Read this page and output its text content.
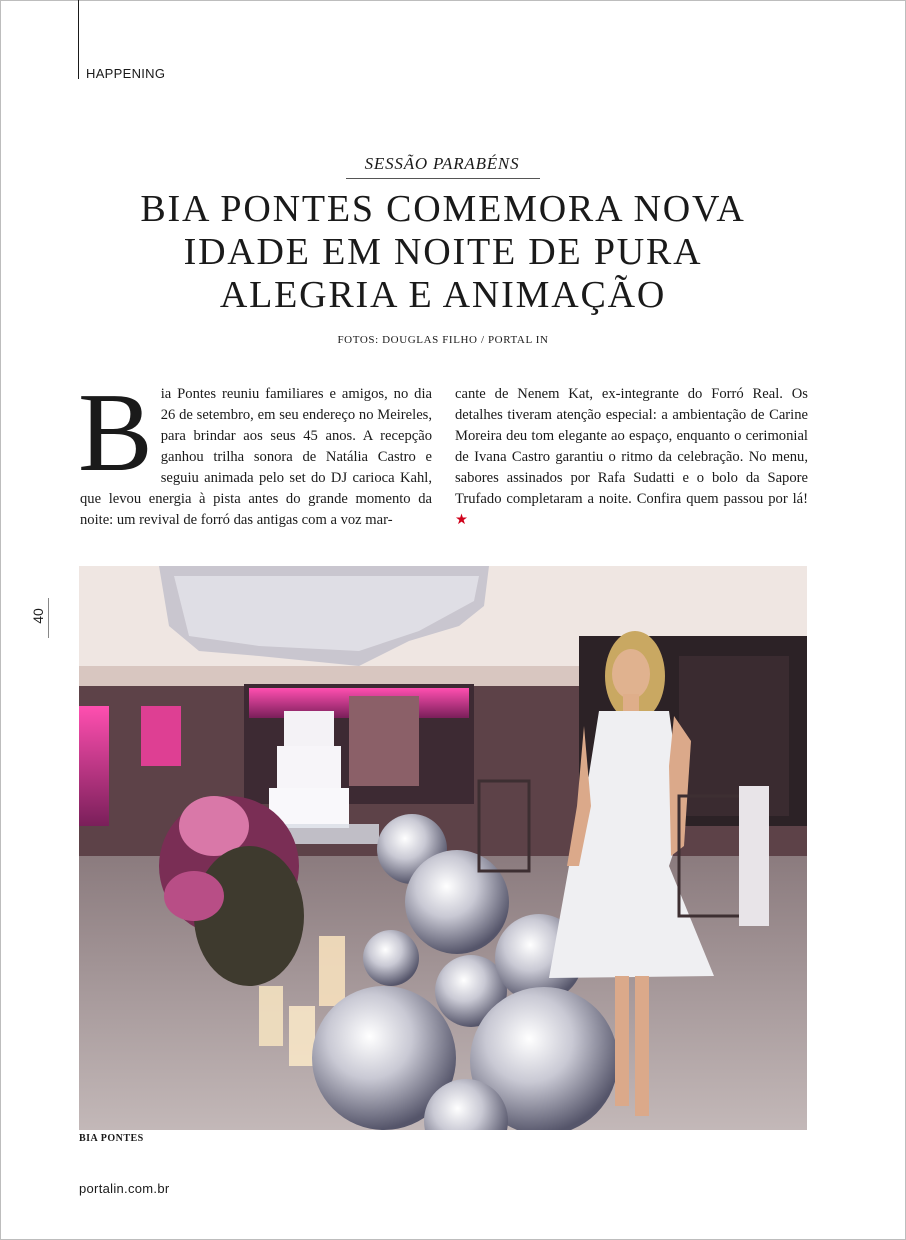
HAPPENING
SESSÃO PARABÉNS
BIA PONTES COMEMORA NOVA IDADE EM NOITE DE PURA ALEGRIA E ANIMAÇÃO
FOTOS: DOUGLAS FILHO / PORTAL IN

Bia Pontes reuniu familiares e amigos, no dia 26 de setembro, em seu endereço no Meireles, para brindar aos seus 45 anos. A recepção ganhou trilha sonora de Natália Castro e seguiu animada pelo set do DJ carioca Kahl, que levou energia à pista antes do grande momento da noite: um revival de forró das antigas com a voz mar-

cante de Nenem Kat, ex-integrante do Forró Real. Os detalhes tiveram atenção especial: a ambientação de Carine Moreira deu tom elegante ao espaço, enquanto o cerimonial de Ivana Castro garantiu o ritmo da celebração. No menu, sabores assinados por Rafa Sudatti e o bolo da Sapore Trufado completaram a noite. Confira quem passou por lá! ★

40
BIA PONTES
portalin.com.br
